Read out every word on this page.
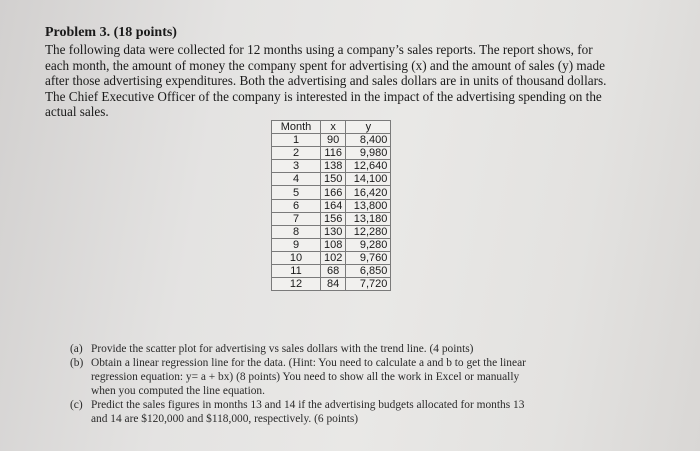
Problem 3. (18 points)
The following data were collected for 12 months using a company’s sales reports. The report shows, for
each month, the amount of money the company spent for advertising (x) and the amount of sales (y) made
after those advertising expenditures. Both the advertising and sales dollars are in units of thousand dollars.
The Chief Executive Officer of the company is interested in the impact of the advertising spending on the
actual sales.
Month	x	y
1	90	8,400
2	116	9,980
3	138	12,640
4	150	14,100
5	166	16,420
6	164	13,800
7	156	13,180
8	130	12,280
9	108	9,280
10	102	9,760
11	68	6,850
12	84	7,720
(a) Provide the scatter plot for advertising vs sales dollars with the trend line. (4 points)
(b) Obtain a linear regression line for the data. (Hint: You need to calculate a and b to get the linear
regression equation: y= a + bx) (8 points) You need to show all the work in Excel or manually
when you computed the line equation.
(c) Predict the sales figures in months 13 and 14 if the advertising budgets allocated for months 13
and 14 are $120,000 and $118,000, respectively. (6 points)
